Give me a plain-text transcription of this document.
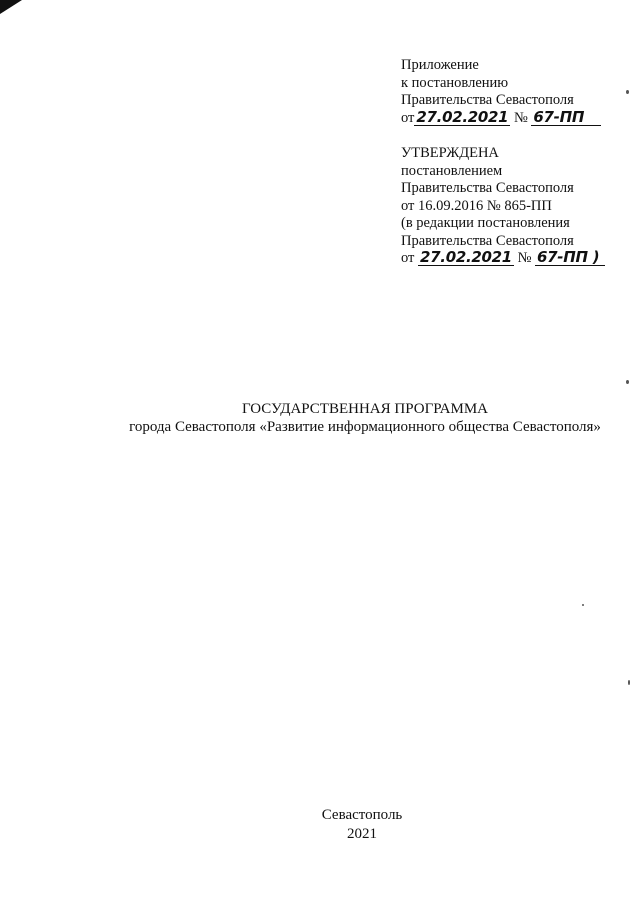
Приложение
к постановлению
Правительства Севастополя
от 27.02.2021 № 67-ПП
УТВЕРЖДЕНА
постановлением
Правительства Севастополя
от 16.09.2016 № 865-ПП
(в редакции постановления
Правительства Севастополя
от 27.02.2021 № 67-ПП )
ГОСУДАРСТВЕННАЯ ПРОГРАММА
города Севастополя «Развитие информационного общества Севастополя»
Севастополь
2021
